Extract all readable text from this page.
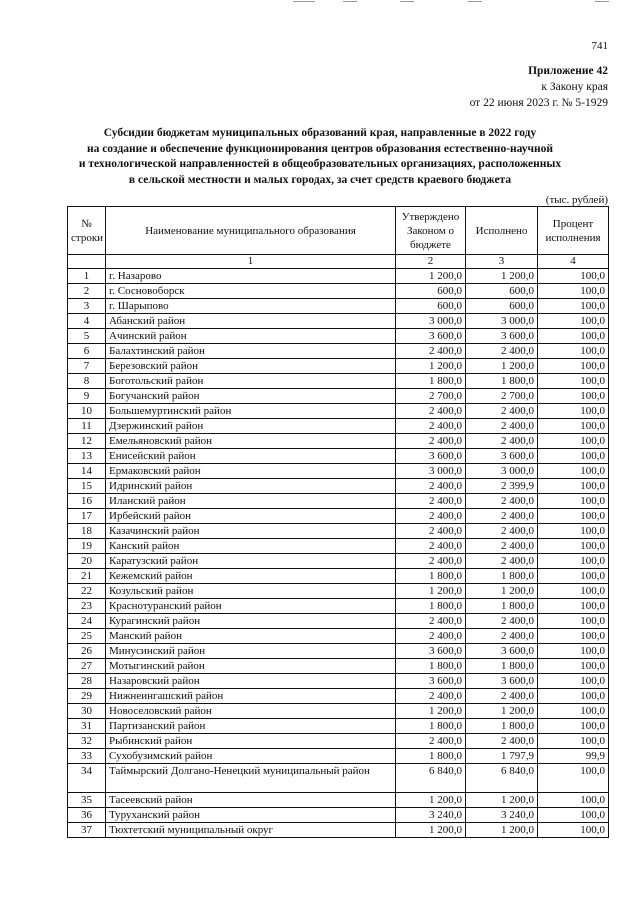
741
Приложение 42
к Закону края
от 22 июня 2023 г. № 5-1929
Субсидии бюджетам муниципальных образований края, направленные в 2022 году
на создание и обеспечение функционирования центров образования естественно-научной
и технологической направленностей в общеобразовательных организациях, расположенных
в сельской местности и малых городах, за счет средств краевого бюджета
(тыс. рублей)
№ строки	Наименование муниципального образования	Утверждено Законом о бюджете	Исполнено	Процент исполнения
	1	2	3	4
1	г. Назарово	1 200,0	1 200,0	100,0
2	г. Сосновоборск	600,0	600,0	100,0
3	г. Шарыпово	600,0	600,0	100,0
4	Абанский район	3 000,0	3 000,0	100,0
5	Ачинский район	3 600,0	3 600,0	100,0
6	Балахтинский район	2 400,0	2 400,0	100,0
7	Березовский район	1 200,0	1 200,0	100,0
8	Боготольский район	1 800,0	1 800,0	100,0
9	Богучанский район	2 700,0	2 700,0	100,0
10	Большемуртинский район	2 400,0	2 400,0	100,0
11	Дзержинский район	2 400,0	2 400,0	100,0
12	Емельяновский район	2 400,0	2 400,0	100,0
13	Енисейский район	3 600,0	3 600,0	100,0
14	Ермаковский район	3 000,0	3 000,0	100,0
15	Идринский район	2 400,0	2 399,9	100,0
16	Иланский район	2 400,0	2 400,0	100,0
17	Ирбейский район	2 400,0	2 400,0	100,0
18	Казачинский район	2 400,0	2 400,0	100,0
19	Канский район	2 400,0	2 400,0	100,0
20	Каратузский район	2 400,0	2 400,0	100,0
21	Кежемский район	1 800,0	1 800,0	100,0
22	Козульский район	1 200,0	1 200,0	100,0
23	Краснотуранский район	1 800,0	1 800,0	100,0
24	Курагинский район	2 400,0	2 400,0	100,0
25	Манский район	2 400,0	2 400,0	100,0
26	Минусинский район	3 600,0	3 600,0	100,0
27	Мотыгинский район	1 800,0	1 800,0	100,0
28	Назаровский район	3 600,0	3 600,0	100,0
29	Нижнеингашский район	2 400,0	2 400,0	100,0
30	Новоселовский район	1 200,0	1 200,0	100,0
31	Партизанский район	1 800,0	1 800,0	100,0
32	Рыбинский район	2 400,0	2 400,0	100,0
33	Сухобузимский район	1 800,0	1 797,9	99,9
34	Таймырский Долгано-Ненецкий муниципальный район	6 840,0	6 840,0	100,0
35	Тасеевский район	1 200,0	1 200,0	100,0
36	Туруханский район	3 240,0	3 240,0	100,0
37	Тюхтетский муниципальный округ	1 200,0	1 200,0	100,0
